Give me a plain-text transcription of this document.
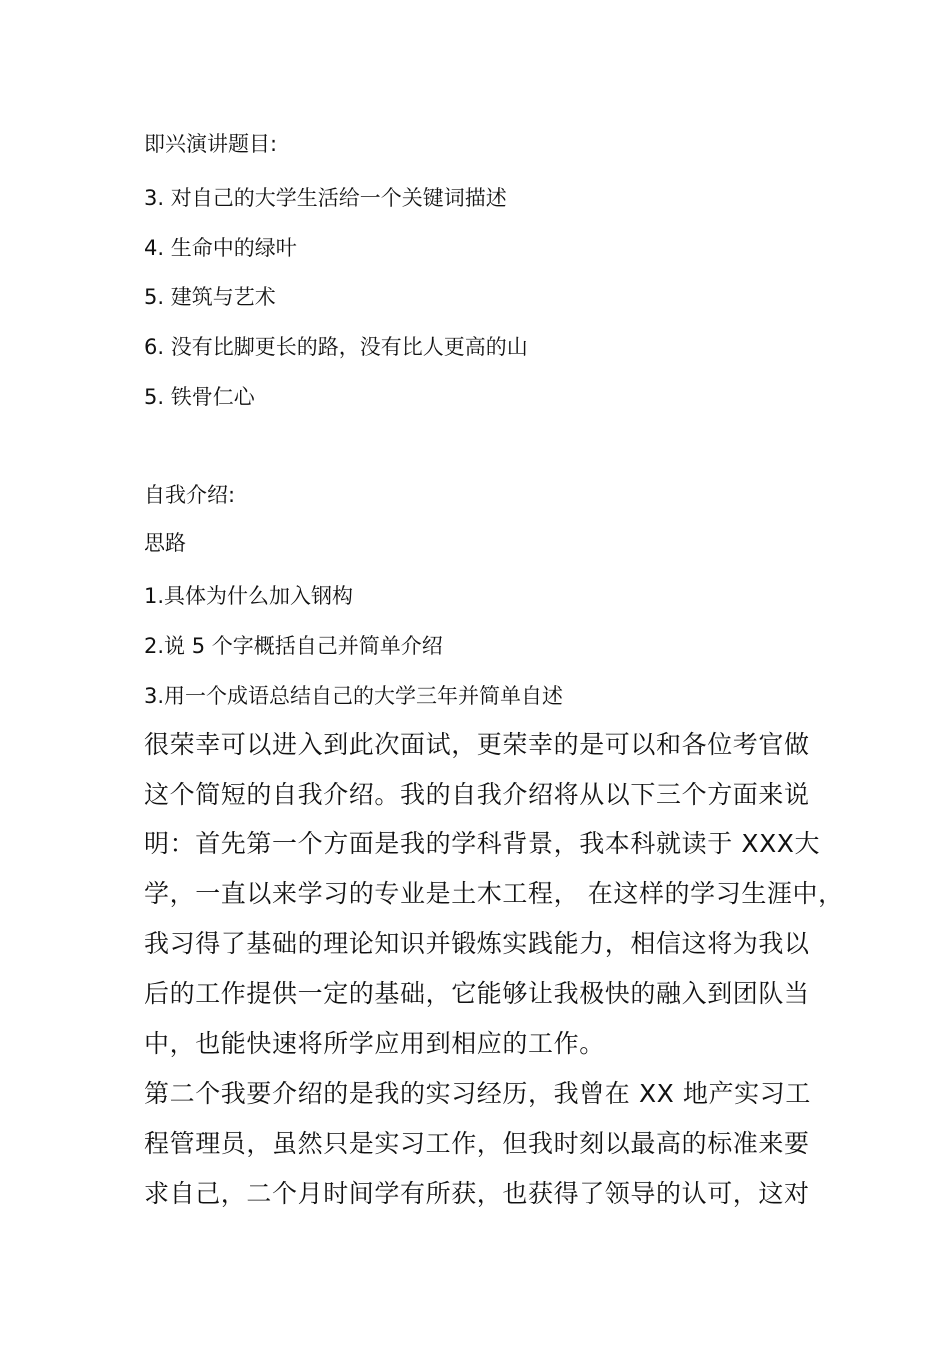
即兴演讲题目:
3. 对自己的大学生活给一个关键词描述
4. 生命中的绿叶
5. 建筑与艺术
6. 没有比脚更长的路，没有比人更高的山
5. 铁骨仁心
自我介绍:
思路
1.具体为什么加入钢构
2.说 5 个字概括自己并简单介绍
3.用一个成语总结自己的大学三年并简单自述
很荣幸可以进入到此次面试，更荣幸的是可以和各位考官做
这个简短的自我介绍。我的自我介绍将从以下三个方面来说
明：首先第一个方面是我的学科背景，我本科就读于 XXX大
学，一直以来学习的专业是土木工程， 在这样的学习生涯中，
我习得了基础的理论知识并锻炼实践能力，相信这将为我以
后的工作提供一定的基础，它能够让我极快的融入到团队当
中，也能快速将所学应用到相应的工作。
第二个我要介绍的是我的实习经历，我曾在 XX 地产实习工
程管理员，虽然只是实习工作，但我时刻以最高的标准来要
求自己，二个月时间学有所获，也获得了领导的认可，这对
